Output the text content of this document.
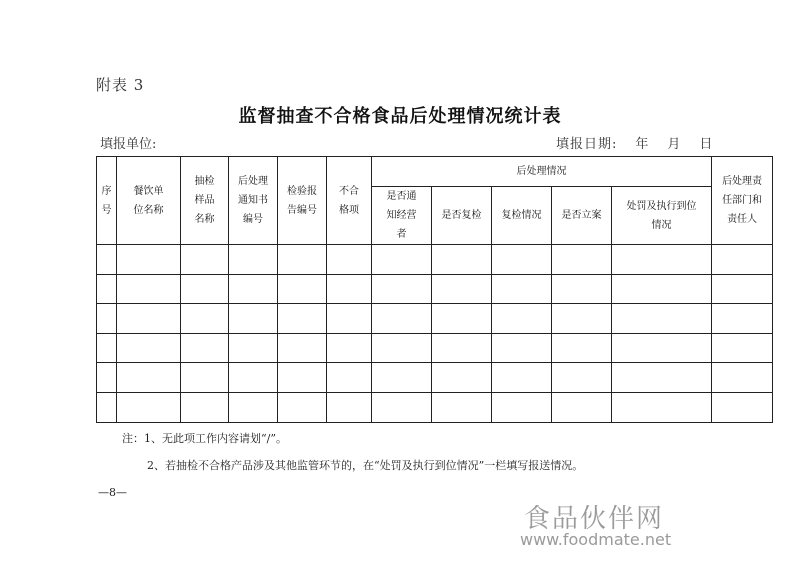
附表 3
监督抽查不合格食品后处理情况统计表
填报单位:	填报日期: 年 月 日
序号	餐饮单位名称	抽检样品名称	后处理通知书编号	检验报告编号	不合格项	后处理情况					后处理责任部门和责任人
						是否通知经营者	是否复检	复检情况	是否立案	处罚及执行到位情况	

注：1、无此项工作内容请划“/”。
2、若抽检不合格产品涉及其他监管环节的，在“处罚及执行到位情况”一栏填写报送情况。
—8—
食品伙伴网
www.foodmate.net
